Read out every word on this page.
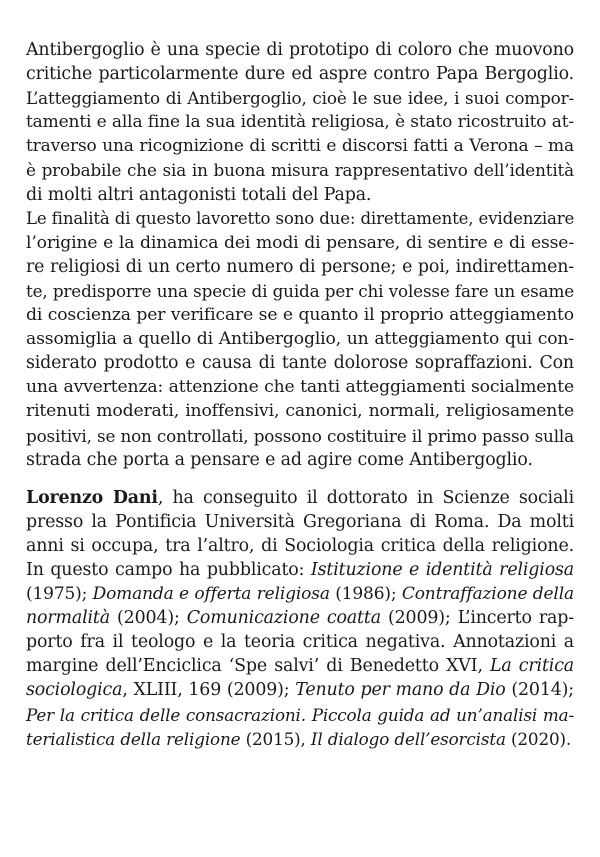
Antibergoglio è una specie di prototipo di coloro che muovono
critiche particolarmente dure ed aspre contro Papa Bergoglio.
L’atteggiamento di Antibergoglio, cioè le sue idee, i suoi compor-
tamenti e alla fine la sua identità religiosa, è stato ricostruito at-
traverso una ricognizione di scritti e discorsi fatti a Verona – ma
è probabile che sia in buona misura rappresentativo dell’identità
di molti altri antagonisti totali del Papa.
Le finalità di questo lavoretto sono due: direttamente, evidenziare
l’origine e la dinamica dei modi di pensare, di sentire e di esse-
re religiosi di un certo numero di persone; e poi, indirettamen-
te, predisporre una specie di guida per chi volesse fare un esame
di coscienza per verificare se e quanto il proprio atteggiamento
assomiglia a quello di Antibergoglio, un atteggiamento qui con-
siderato prodotto e causa di tante dolorose sopraffazioni. Con
una avvertenza: attenzione che tanti atteggiamenti socialmente
ritenuti moderati, inoffensivi, canonici, normali, religiosamente
positivi, se non controllati, possono costituire il primo passo sulla
strada che porta a pensare e ad agire come Antibergoglio.
Lorenzo Dani, ha conseguito il dottorato in Scienze sociali
presso la Pontificia Università Gregoriana di Roma. Da molti
anni si occupa, tra l’altro, di Sociologia critica della religione.
In questo campo ha pubblicato: Istituzione e identità religiosa
(1975); Domanda e offerta religiosa (1986); Contraffazione della
normalità (2004); Comunicazione coatta (2009); L’incerto rap-
porto fra il teologo e la teoria critica negativa. Annotazioni a
margine dell’Enciclica ‘Spe salvi’ di Benedetto XVI, La critica
sociologica, XLIII, 169 (2009); Tenuto per mano da Dio (2014);
Per la critica delle consacrazioni. Piccola guida ad un’analisi ma-
terialistica della religione (2015), Il dialogo dell’esorcista (2020).
